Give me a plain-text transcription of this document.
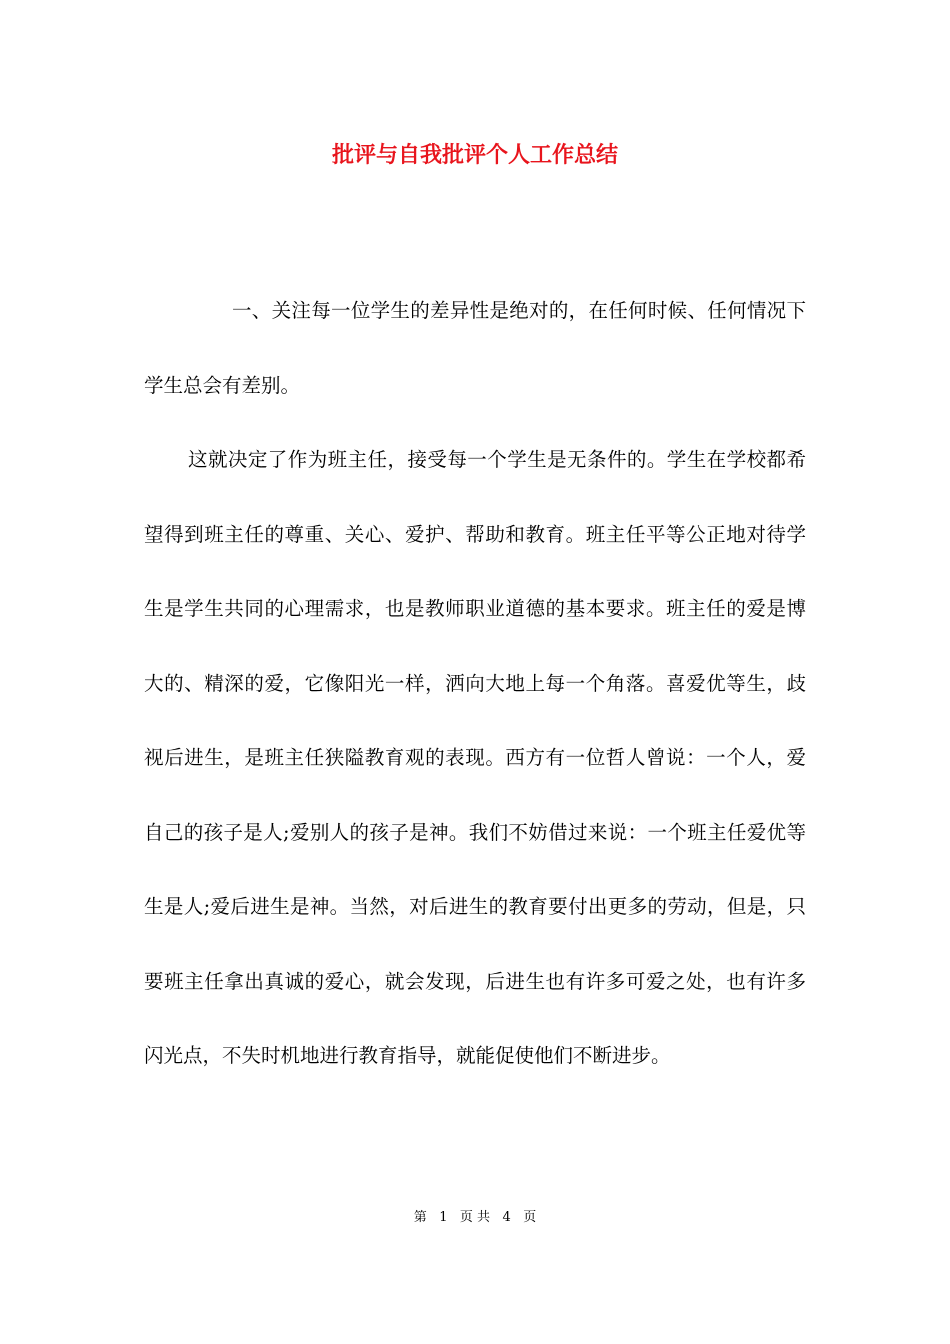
批评与自我批评个人工作总结

一、关注每一位学生的差异性是绝对的，在任何时候、任何情况下学生总会有差别。

这就决定了作为班主任，接受每一个学生是无条件的。学生在学校都希望得到班主任的尊重、关心、爱护、帮助和教育。班主任平等公正地对待学生是学生共同的心理需求，也是教师职业道德的基本要求。班主任的爱是博大的、精深的爱，它像阳光一样，洒向大地上每一个角落。喜爱优等生，歧视后进生，是班主任狭隘教育观的表现。西方有一位哲人曾说：一个人，爱自己的孩子是人;爱别人的孩子是神。我们不妨借过来说：一个班主任爱优等生是人;爱后进生是神。当然，对后进生的教育要付出更多的劳动，但是，只要班主任拿出真诚的爱心，就会发现，后进生也有许多可爱之处，也有许多闪光点，不失时机地进行教育指导，就能促使他们不断进步。

第 1 页 共 4 页
